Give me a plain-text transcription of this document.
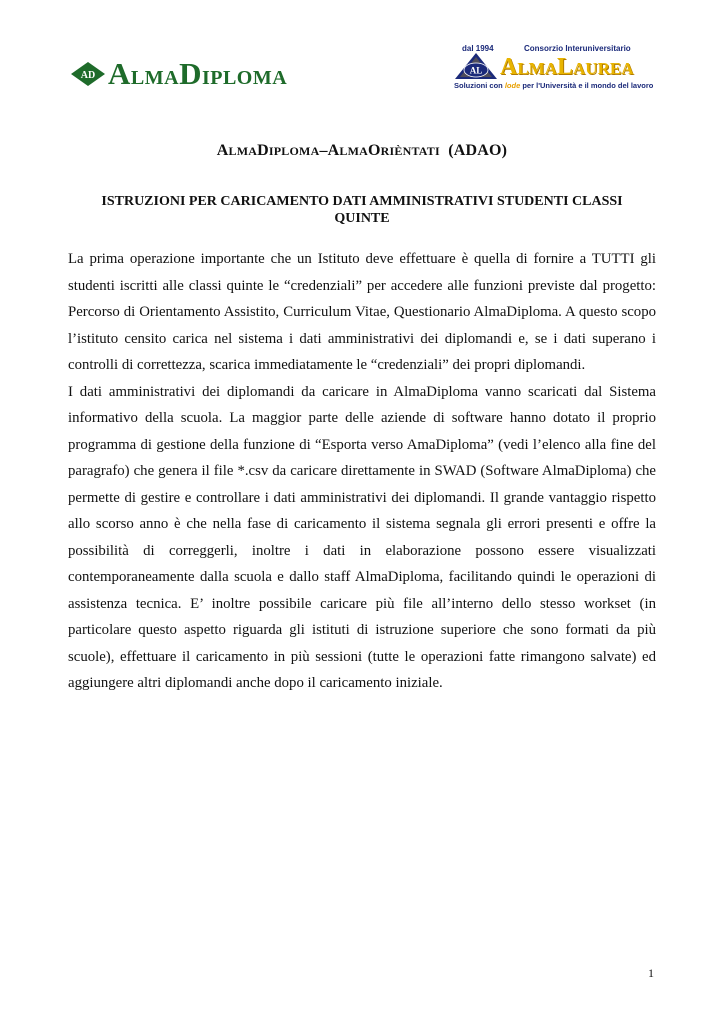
AD ALMADIPLOMA
dal 1994	Consorzio Interuniversitario
AL ALMALAUREA
Soluzioni con lode per l'Università e il mondo del lavoro
ALMADIPLOMA–ALMAORIÈNTATI (ADAO)
ISTRUZIONI PER CARICAMENTO DATI AMMINISTRATIVI STUDENTI CLASSI QUINTE

La prima operazione importante che un Istituto deve effettuare è quella di fornire a TUTTI gli studenti iscritti alle classi quinte le “credenziali” per accedere alle funzioni previste dal progetto: Percorso di Orientamento Assistito, Curriculum Vitae, Questionario AlmaDiploma. A questo scopo l’istituto censito carica nel sistema i dati amministrativi dei diplomandi e, se i dati superano i controlli di correttezza, scarica immediatamente le “credenziali” dei propri diplomandi.

I dati amministrativi dei diplomandi da caricare in AlmaDiploma vanno scaricati dal Sistema informativo della scuola. La maggior parte delle aziende di software hanno dotato il proprio programma di gestione della funzione di “Esporta verso AmaDiploma” (vedi l’elenco alla fine del paragrafo) che genera il file *.csv da caricare direttamente in SWAD (Software AlmaDiploma) che permette di gestire e controllare i dati amministrativi dei diplomandi. Il grande vantaggio rispetto allo scorso anno è che nella fase di caricamento il sistema segnala gli errori presenti e offre la possibilità di correggerli, inoltre i dati in elaborazione possono essere visualizzati contemporaneamente dalla scuola e dallo staff AlmaDiploma, facilitando quindi le operazioni di assistenza tecnica. E’ inoltre possibile caricare più file all’interno dello stesso workset (in particolare questo aspetto riguarda gli istituti di istruzione superiore che sono formati da più scuole), effettuare il caricamento in più sessioni (tutte le operazioni fatte rimangono salvate) ed aggiungere altri diplomandi anche dopo il caricamento iniziale.

1
